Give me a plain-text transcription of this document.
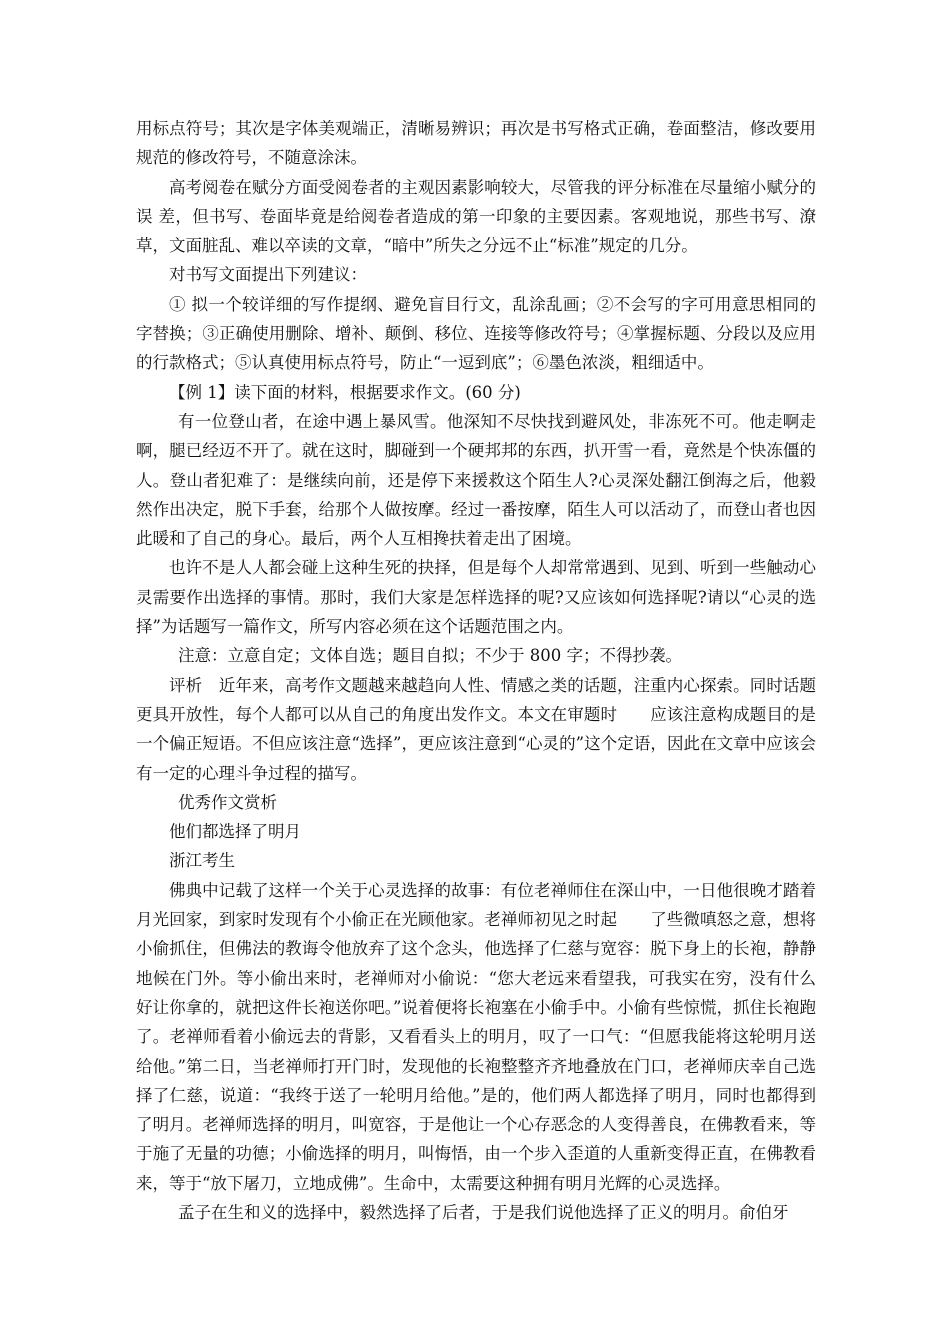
用标点符号；其次是字体美观端正，清晰易辨识；再次是书写格式正确，卷面整洁，修改要用规范的修改符号，不随意涂沫。

高考阅卷在赋分方面受阅卷者的主观因素影响较大，尽管我的评分标准在尽量缩小赋分的误 差，但书写、卷面毕竟是给阅卷者造成的第一印象的主要因素。客观地说，那些书写、潦草，文面脏乱、难以卒读的文章，“暗中”所失之分远不止“标准”规定的几分。

对书写文面提出下列建议：

① 拟一个较详细的写作提纲、避免盲目行文，乱涂乱画；②不会写的字可用意思相同的字替换；③正确使用删除、增补、颠倒、移位、连接等修改符号；④掌握标题、分段以及应用的行款格式；⑤认真使用标点符号，防止“一逗到底”；⑥墨色浓淡，粗细适中。

【例 1】读下面的材料，根据要求作文。(60 分)

有一位登山者，在途中遇上暴风雪。他深知不尽快找到避风处，非冻死不可。他走啊走啊，腿已经迈不开了。就在这时，脚碰到一个硬邦邦的东西，扒开雪一看，竟然是个快冻僵的人。登山者犯难了：是继续向前，还是停下来援救这个陌生人?心灵深处翻江倒海之后，他毅然作出决定，脱下手套，给那个人做按摩。经过一番按摩，陌生人可以活动了，而登山者也因此暖和了自己的身心。最后，两个人互相搀扶着走出了困境。

也许不是人人都会碰上这种生死的抉择，但是每个人却常常遇到、见到、听到一些触动心灵需要作出选择的事情。那时，我们大家是怎样选择的呢?又应该如何选择呢?请以“心灵的选择”为话题写一篇作文，所写内容必须在这个话题范围之内。

注意：立意自定；文体自选；题目自拟；不少于 800 字；不得抄袭。

评析　近年来，高考作文题越来越趋向人性、情感之类的话题，注重内心探索。同时话题更具开放性，每个人都可以从自己的角度出发作文。本文在审题时　　应该注意构成题目的是一个偏正短语。不但应该注意“选择”，更应该注意到“心灵的”这个定语，因此在文章中应该会有一定的心理斗争过程的描写。

优秀作文赏析

他们都选择了明月

浙江考生

佛典中记载了这样一个关于心灵选择的故事：有位老禅师住在深山中，一日他很晚才踏着月光回家，到家时发现有个小偷正在光顾他家。老禅师初见之时起　　了些微嗔怒之意，想将小偷抓住，但佛法的教诲令他放弃了这个念头，他选择了仁慈与宽容：脱下身上的长袍，静静地候在门外。等小偷出来时，老禅师对小偷说：“您大老远来看望我，可我实在穷，没有什么好让你拿的，就把这件长袍送你吧。”说着便将长袍塞在小偷手中。小偷有些惊慌，抓住长袍跑了。老禅师看着小偷远去的背影，又看看头上的明月，叹了一口气：“但愿我能将这轮明月送给他。”第二日，当老禅师打开门时，发现他的长袍整整齐齐地叠放在门口，老禅师庆幸自己选择了仁慈，说道：“我终于送了一轮明月给他。”是的，他们两人都选择了明月，同时也都得到了明月。老禅师选择的明月，叫宽容，于是他让一个心存恶念的人变得善良，在佛教看来，等于施了无量的功德；小偷选择的明月，叫悔悟，由一个步入歪道的人重新变得正直，在佛教看来，等于“放下屠刀，立地成佛”。生命中，太需要这种拥有明月光辉的心灵选择。

孟子在生和义的选择中，毅然选择了后者，于是我们说他选择了正义的明月。俞伯牙
